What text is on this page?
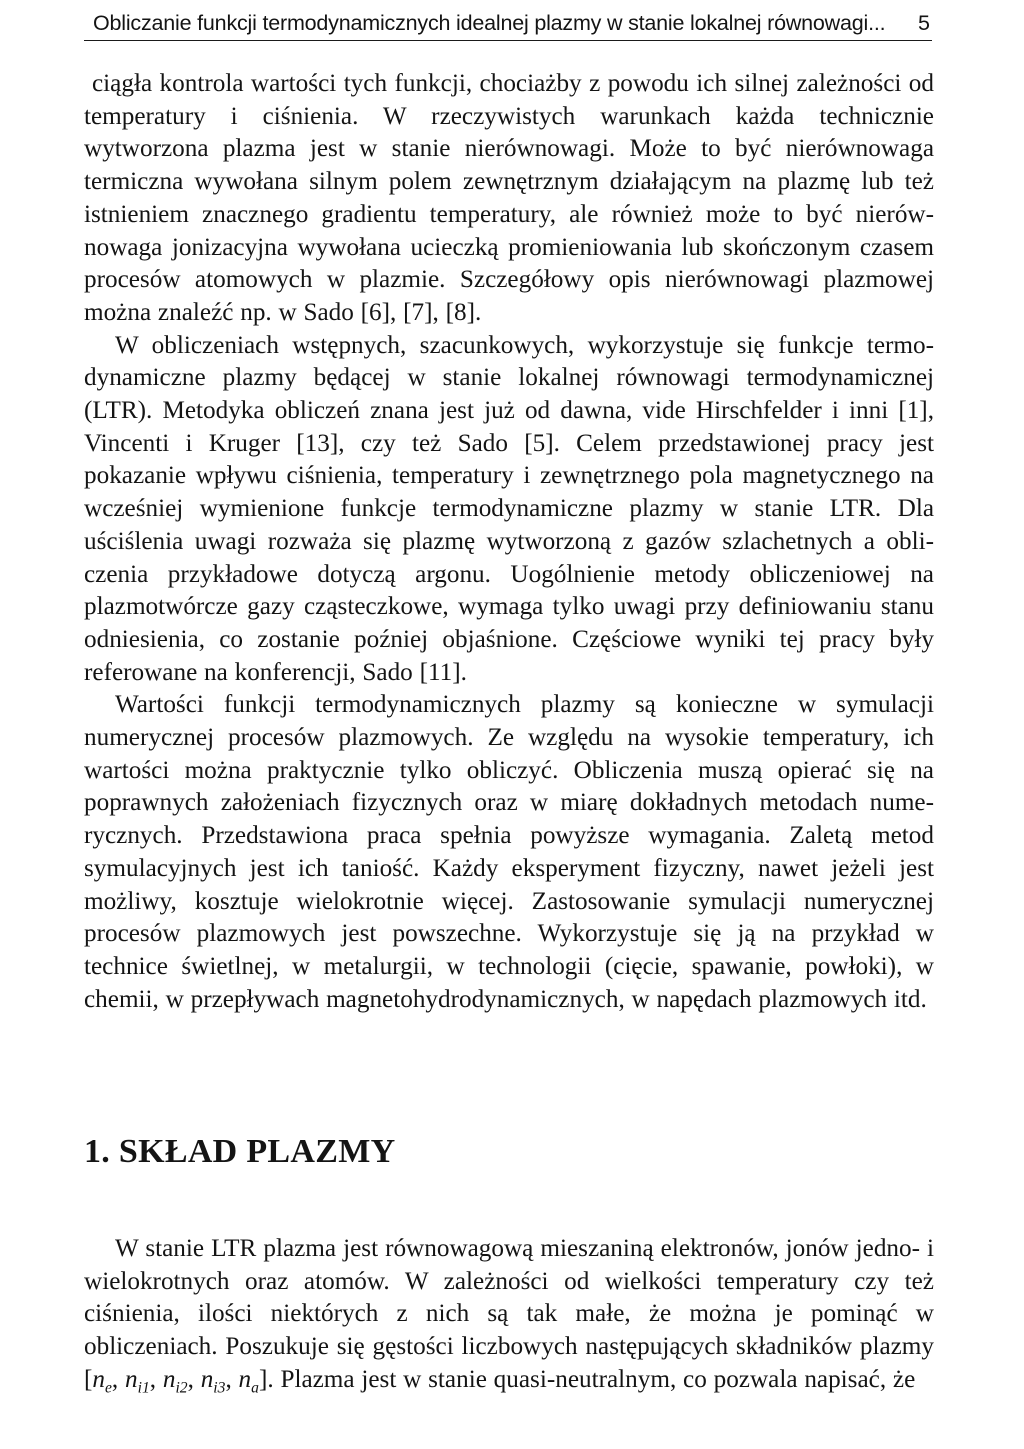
Obliczanie funkcji termodynamicznych idealnej plazmy w stanie lokalnej równowagi... 5

ciągła kontrola wartości tych funkcji, chociażby z powodu ich silnej zależności od temperatury i ciśnienia. W rzeczywistych warunkach każda technicznie wytworzona plazma jest w stanie nierównowagi. Może to być nierównowaga termiczna wywołana silnym polem zewnętrznym działającym na plazmę lub też istnieniem znacznego gradientu temperatury, ale również może to być nierównowaga jonizacyjna wywołana ucieczką promieniowania lub skończonym czasem procesów atomowych w plazmie. Szczegółowy opis nierównowagi plazmowej można znaleźć np. w Sado [6], [7], [8].

W obliczeniach wstępnych, szacunkowych, wykorzystuje się funkcje termodynamiczne plazmy będącej w stanie lokalnej równowagi termodynamicznej (LTR). Metodyka obliczeń znana jest już od dawna, vide Hirschfelder i inni [1], Vincenti i Kruger [13], czy też Sado [5]. Celem przedstawionej pracy jest pokazanie wpływu ciśnienia, temperatury i zewnętrznego pola magnetycznego na wcześniej wymienione funkcje termodynamiczne plazmy w stanie LTR. Dla uściślenia uwagi rozważa się plazmę wytworzoną z gazów szlachetnych a obliczenia przykładowe dotyczą argonu. Uogólnienie metody obliczeniowej na plazmotwórcze gazy cząsteczkowe, wymaga tylko uwagi przy definiowaniu stanu odniesienia, co zostanie poźniej objaśnione. Częściowe wyniki tej pracy były referowane na konferencji, Sado [11].

Wartości funkcji termodynamicznych plazmy są konieczne w symulacji numerycznej procesów plazmowych. Ze względu na wysokie temperatury, ich wartości można praktycznie tylko obliczyć. Obliczenia muszą opierać się na poprawnych założeniach fizycznych oraz w miarę dokładnych metodach numerycznych. Przedstawiona praca spełnia powyższe wymagania. Zaletą metod symulacyjnych jest ich taniość. Każdy eksperyment fizyczny, nawet jeżeli jest możliwy, kosztuje wielokrotnie więcej. Zastosowanie symulacji numerycznej procesów plazmowych jest powszechne. Wykorzystuje się ją na przykład w technice świetlnej, w metalurgii, w technologii (cięcie, spawanie, powłoki), w chemii, w przepływach magnetohydrodynamicznych, w napędach plazmowych itd.

1. SKŁAD PLAZMY

W stanie LTR plazma jest równowagową mieszaniną elektronów, jonów jedno- i wielokrotnych oraz atomów. W zależności od wielkości temperatury czy też ciśnienia, ilości niektórych z nich są tak małe, że można je pominąć w obliczeniach. Poszukuje się gęstości liczbowych następujących składników plazmy [$n_e$, $n_{i1}$, $n_{i2}$, $n_{i3}$, $n_a$]. Plazma jest w stanie quasi-neutralnym, co pozwala napisać, że
